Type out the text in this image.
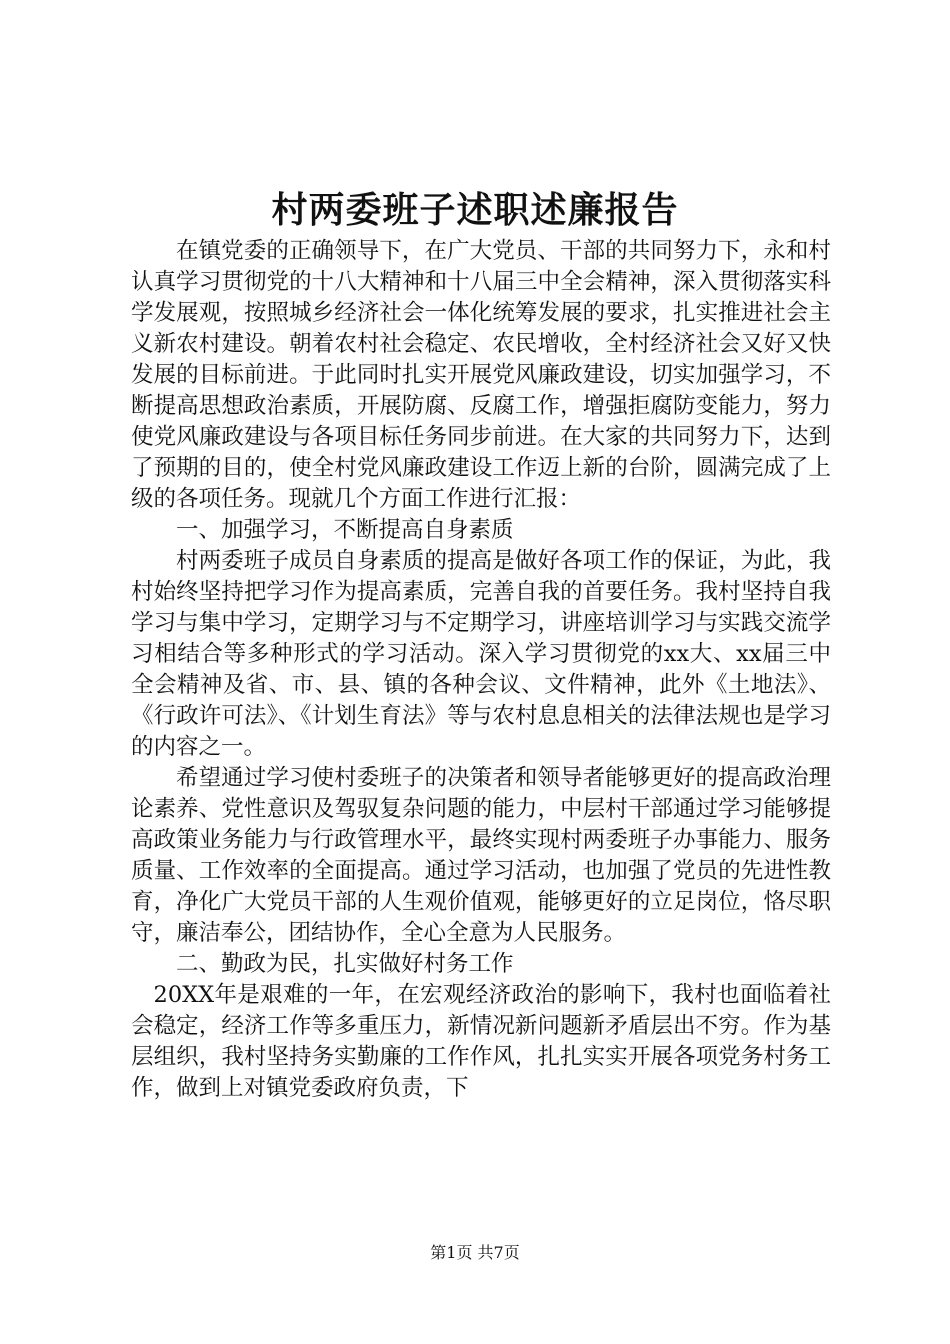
村两委班子述职述廉报告

在镇党委的正确领导下，在广大党员、干部的共同努力下，永和村认真学习贯彻党的十八大精神和十八届三中全会精神，深入贯彻落实科学发展观，按照城乡经济社会一体化统筹发展的要求，扎实推进社会主义新农村建设。朝着农村社会稳定、农民增收，全村经济社会又好又快发展的目标前进。于此同时扎实开展党风廉政建设，切实加强学习，不断提高思想政治素质，开展防腐、反腐工作，增强拒腐防变能力，努力使党风廉政建设与各项目标任务同步前进。在大家的共同努力下，达到了预期的目的，使全村党风廉政建设工作迈上新的台阶，圆满完成了上级的各项任务。现就几个方面工作进行汇报：

一、加强学习，不断提高自身素质

村两委班子成员自身素质的提高是做好各项工作的保证，为此，我村始终坚持把学习作为提高素质，完善自我的首要任务。我村坚持自我学习与集中学习，定期学习与不定期学习，讲座培训学习与实践交流学习相结合等多种形式的学习活动。深入学习贯彻党的xx大、xx届三中全会精神及省、市、县、镇的各种会议、文件精神，此外《土地法》、《行政许可法》、《计划生育法》等与农村息息相关的法律法规也是学习的内容之一。

希望通过学习使村委班子的决策者和领导者能够更好的提高政治理论素养、党性意识及驾驭复杂问题的能力，中层村干部通过学习能够提高政策业务能力与行政管理水平，最终实现村两委班子办事能力、服务质量、工作效率的全面提高。通过学习活动，也加强了党员的先进性教育，净化广大党员干部的人生观价值观，能够更好的立足岗位，恪尽职守，廉洁奉公，团结协作，全心全意为人民服务。

二、勤政为民，扎实做好村务工作

20XX年是艰难的一年，在宏观经济政治的影响下，我村也面临着社会稳定，经济工作等多重压力，新情况新问题新矛盾层出不穷。作为基层组织，我村坚持务实勤廉的工作作风，扎扎实实开展各项党务村务工作，做到上对镇党委政府负责，下

第1页 共7页
